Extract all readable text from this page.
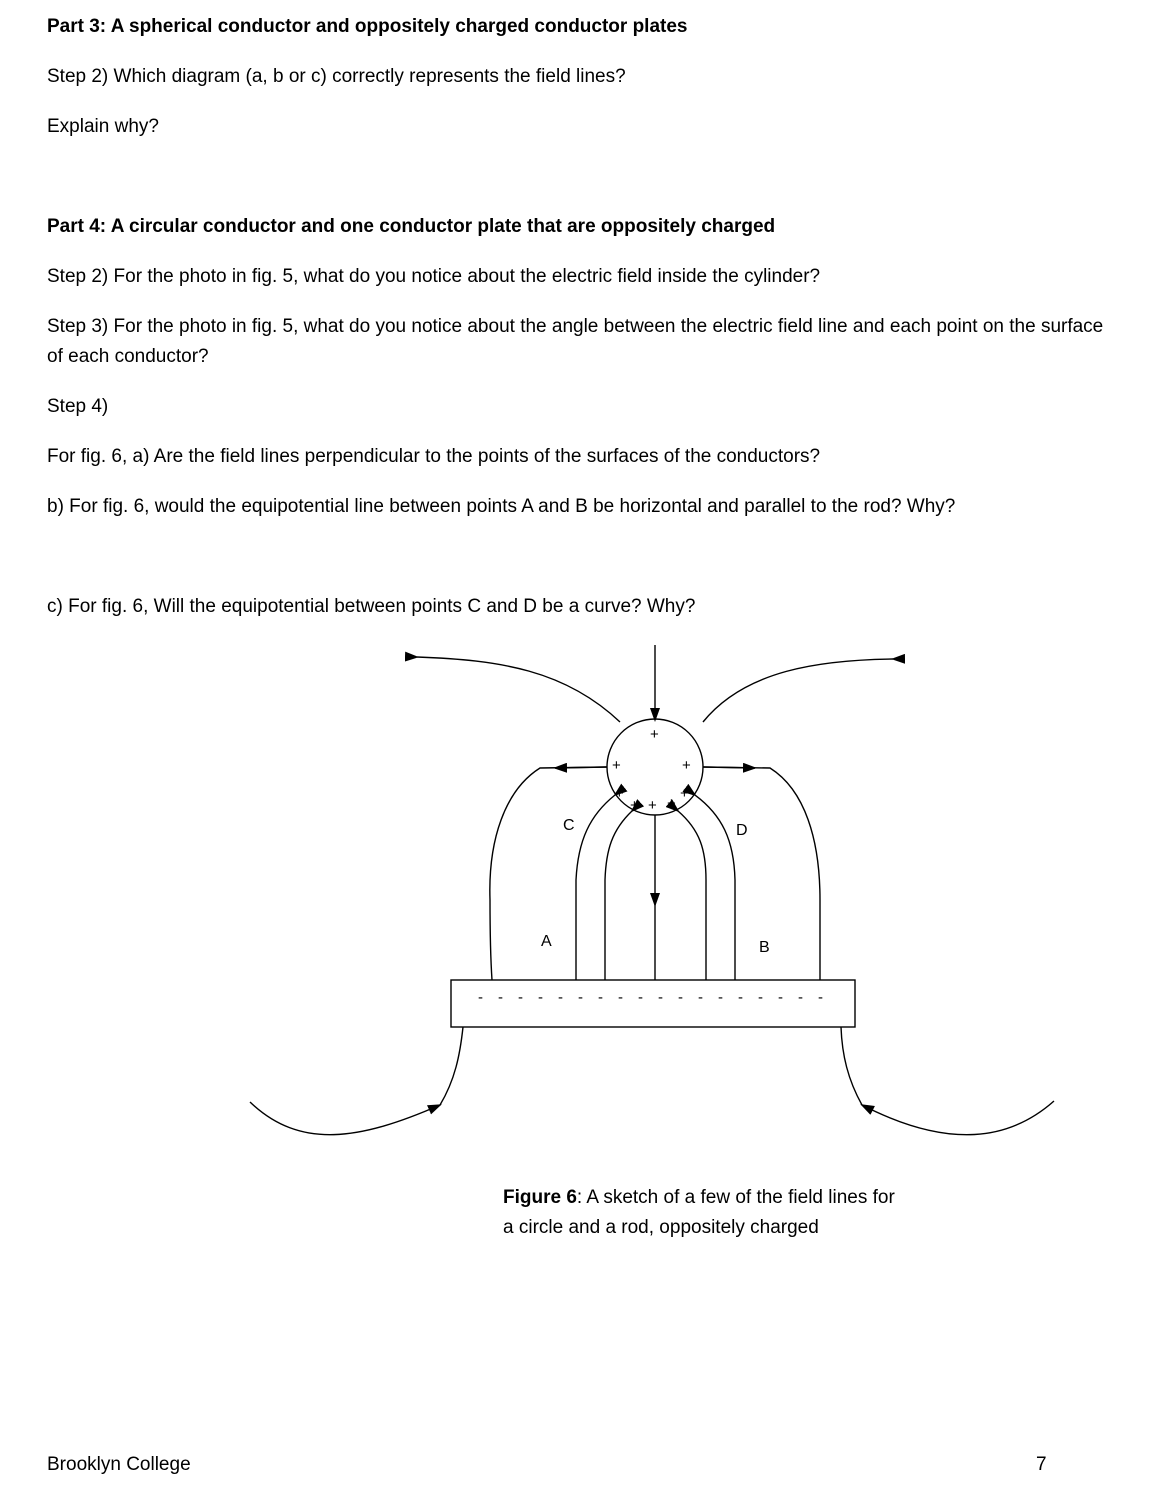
Part 3: A spherical conductor and oppositely charged conductor plates

Step 2) Which diagram (a, b or c) correctly represents the field lines?

Explain why?

Part 4: A circular conductor and one conductor plate that are oppositely charged

Step 2) For the photo in fig. 5, what do you notice about the electric field inside the cylinder?

Step 3) For the photo in fig. 5, what do you notice about the angle between the electric field line and each point on the surface of each conductor?

Step 4)

For fig. 6, a) Are the field lines perpendicular to the points of the surfaces of the conductors?

b) For fig. 6, would the equipotential line between points A and B be horizontal and parallel to the rod? Why?

c) For fig. 6, Will the equipotential between points C and D be a curve? Why?

+
+	+
+	+
+ + +
- - - - - - - - - - - - - - - - - -
A	B
C	D
Figure 6: A sketch of a few of the field lines for a circle and a rod, oppositely charged
Brooklyn College	7
